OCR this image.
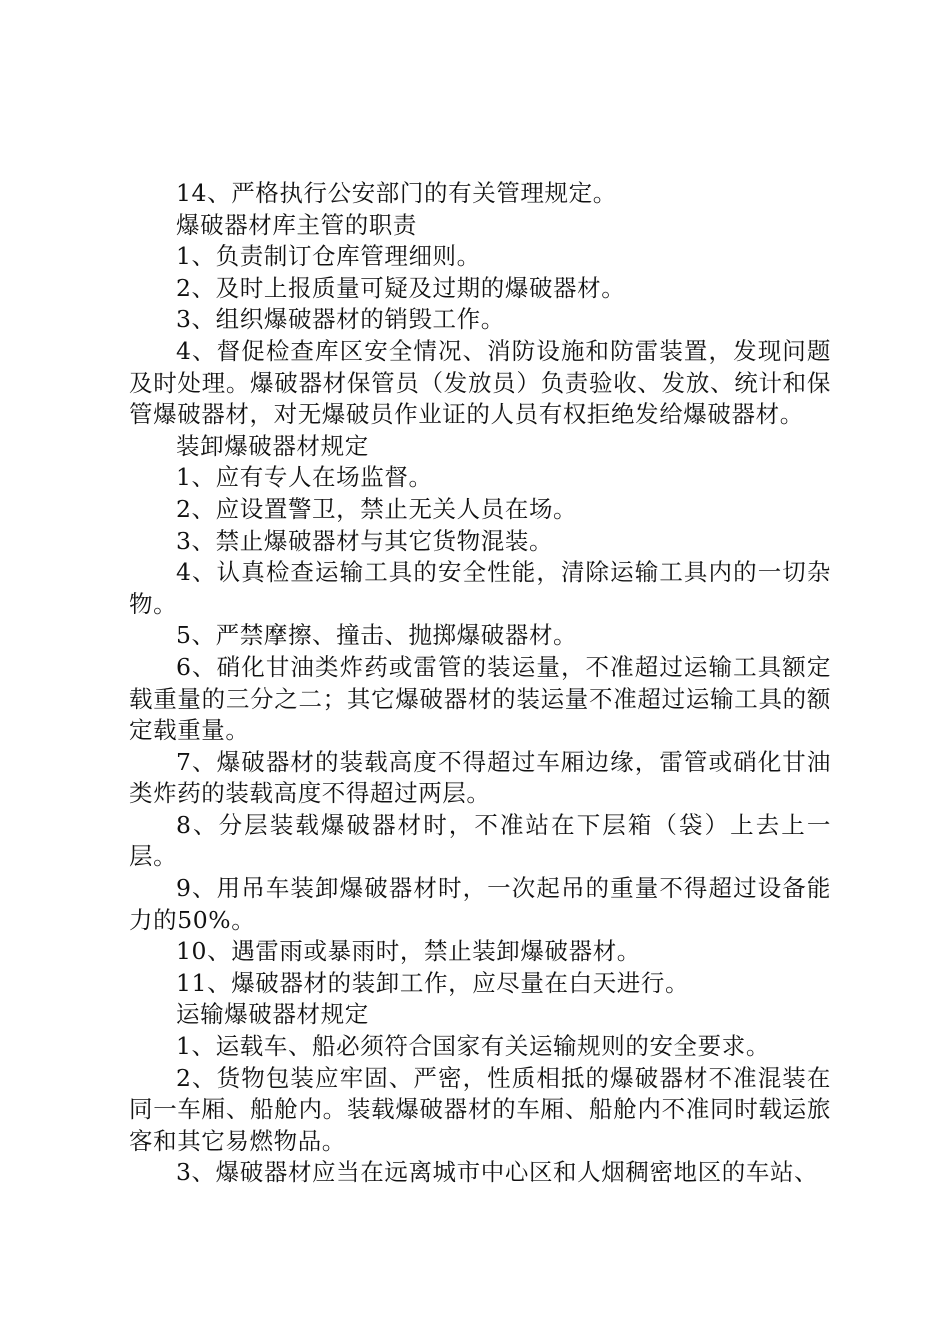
14、严格执行公安部门的有关管理规定。

爆破器材库主管的职责

1、负责制订仓库管理细则。

2、及时上报质量可疑及过期的爆破器材。

3、组织爆破器材的销毁工作。

4、督促检查库区安全情况、消防设施和防雷装置，发现问题及时处理。爆破器材保管员（发放员）负责验收、发放、统计和保管爆破器材，对无爆破员作业证的人员有权拒绝发给爆破器材。

装卸爆破器材规定

1、应有专人在场监督。

2、应设置警卫，禁止无关人员在场。

3、禁止爆破器材与其它货物混装。

4、认真检查运输工具的安全性能，清除运输工具内的一切杂物。

5、严禁摩擦、撞击、抛掷爆破器材。

6、硝化甘油类炸药或雷管的装运量，不准超过运输工具额定载重量的三分之二；其它爆破器材的装运量不准超过运输工具的额定载重量。

7、爆破器材的装载高度不得超过车厢边缘，雷管或硝化甘油类炸药的装载高度不得超过两层。

8、分层装载爆破器材时，不准站在下层箱（袋）上去上一层。

9、用吊车装卸爆破器材时，一次起吊的重量不得超过设备能力的50%。

10、遇雷雨或暴雨时，禁止装卸爆破器材。

11、爆破器材的装卸工作，应尽量在白天进行。

运输爆破器材规定

1、运载车、船必须符合国家有关运输规则的安全要求。

2、货物包装应牢固、严密，性质相抵的爆破器材不准混装在同一车厢、船舱内。装载爆破器材的车厢、船舱内不准同时载运旅客和其它易燃物品。

3、爆破器材应当在远离城市中心区和人烟稠密地区的车站、
